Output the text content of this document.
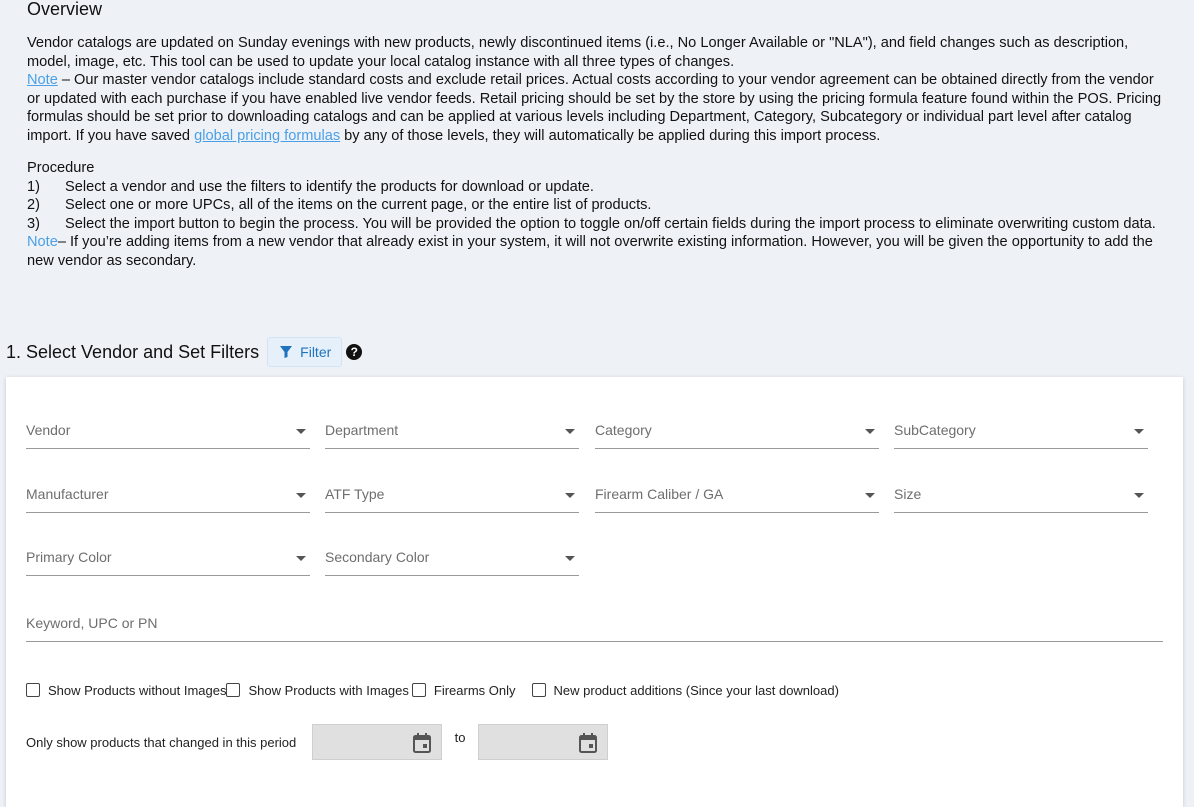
Overview
Vendor catalogs are updated on Sunday evenings with new products, newly discontinued items (i.e., No Longer Available or "NLA"), and field changes such as description, model, image, etc. This tool can be used to update your local catalog instance with all three types of changes.
Note – Our master vendor catalogs include standard costs and exclude retail prices. Actual costs according to your vendor agreement can be obtained directly from the vendor or updated with each purchase if you have enabled live vendor feeds. Retail pricing should be set by the store by using the pricing formula feature found within the POS. Pricing formulas should be set prior to downloading catalogs and can be applied at various levels including Department, Category, Subcategory or individual part level after catalog import. If you have saved global pricing formulas by any of those levels, they will automatically be applied during this import process.
Procedure
1) Select a vendor and use the filters to identify the products for download or update.
2) Select one or more UPCs, all of the items on the current page, or the entire list of products.
3) Select the import button to begin the process. You will be provided the option to toggle on/off certain fields during the import process to eliminate overwriting custom data. Note– If you’re adding items from a new vendor that already exist in your system, it will not overwrite existing information. However, you will be given the opportunity to add the new vendor as secondary.
1. Select Vendor and Set Filters	Filter	?
Vendor	Department	Category	SubCategory
Manufacturer	ATF Type	Firearm Caliber / GA	Size
Primary Color	Secondary Color
Keyword, UPC or PN
Show Products without Images Show Products with Images Firearms Only	New product additions (Since your last download)
Only show products that changed in this period	to
